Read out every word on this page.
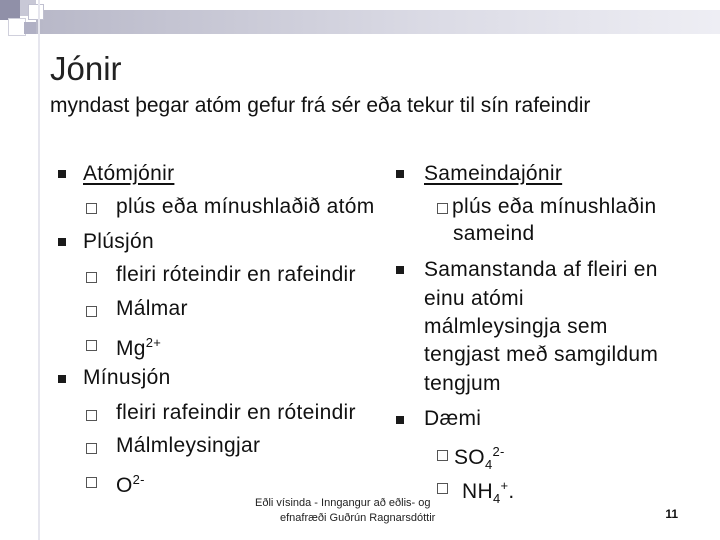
Jónir
myndast þegar atóm gefur frá sér eða tekur til sín rafeindir
Atómjónir
plús eða mínushlaðið atóm
Plúsjón
fleiri róteindir en rafeindir
Málmar
$Mg^{2+}$
Mínusjón
fleiri rafeindir en róteindir
Málmleysingjar
$O^{2-}$
Sameindajónir
plús eða mínushlaðin
sameind
Samanstanda af fleiri en
einu atómi
málmleysingja sem
tengjast með samgildum
tengjum
Dæmi
$SO_4^{2-}$
$NH_4^+$.
Eðli vísinda - Inngangur að eðlis- og
efnafræði Guðrún Ragnarsdóttir	11
